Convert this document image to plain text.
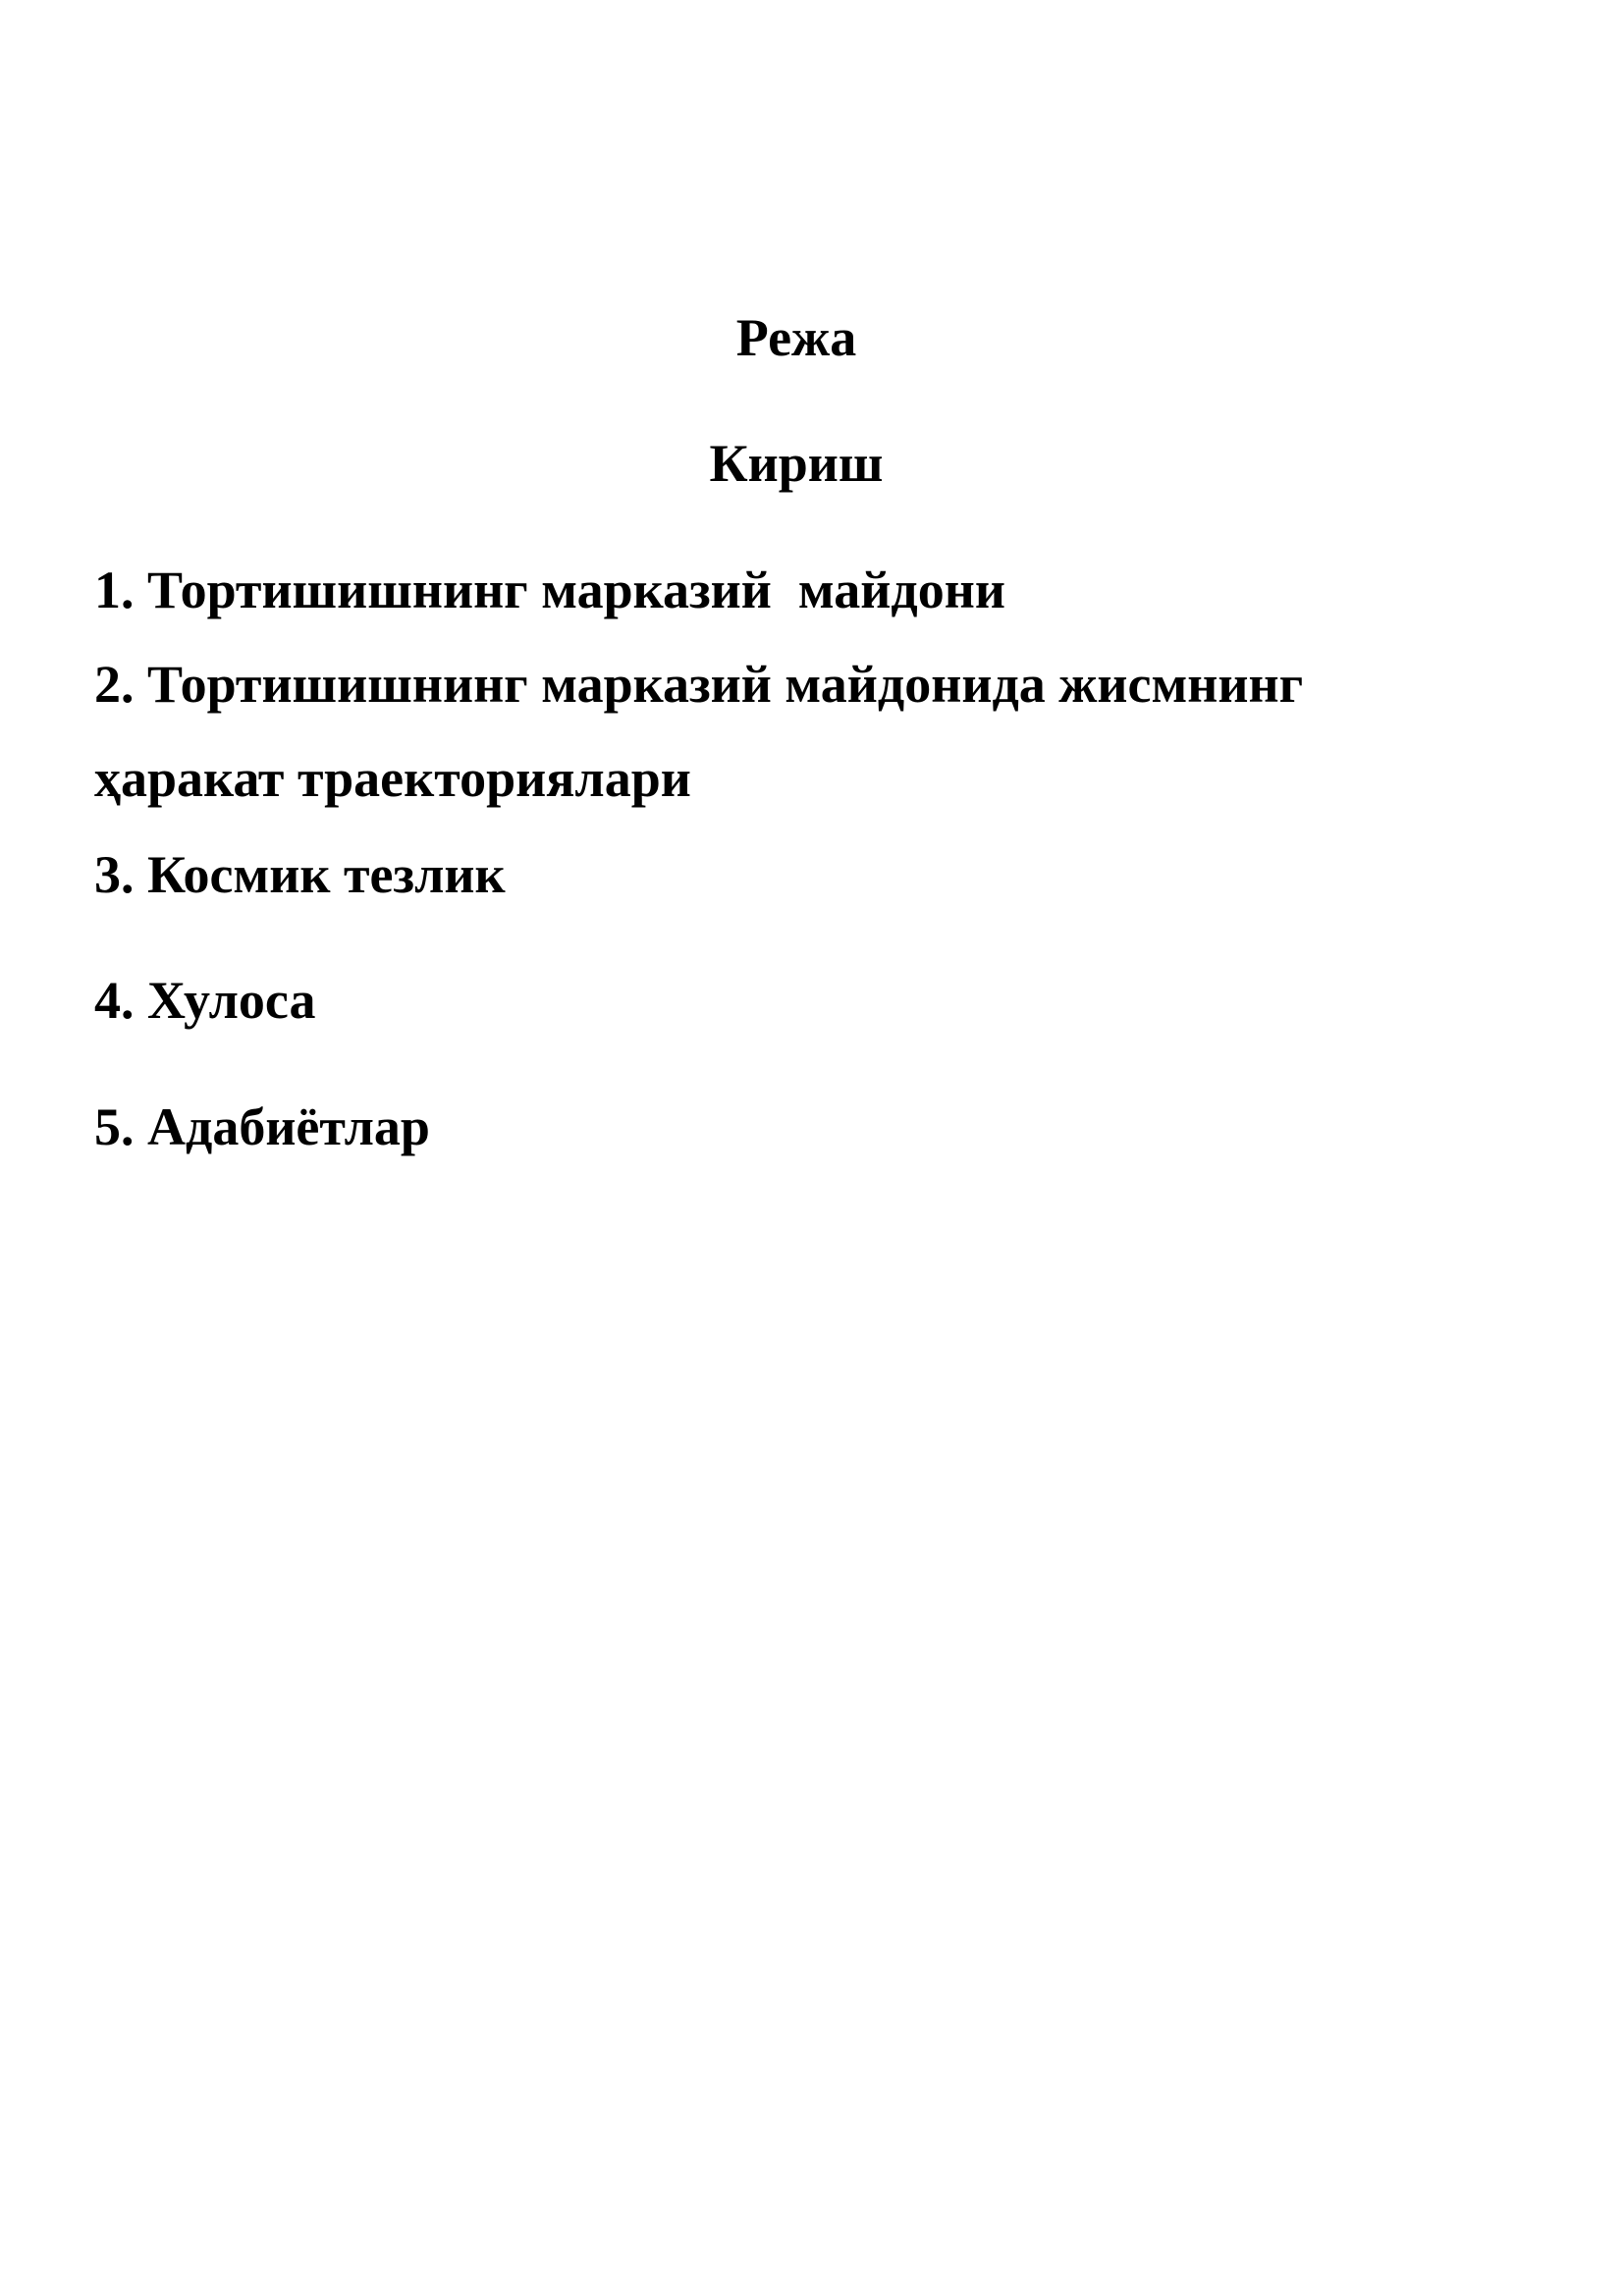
Режа
Кириш

1. Тортишишнинг марказий  майдони

2. Тортишишнинг марказий майдонида жисмнинг

ҳаракат траекториялари

3. Космик тезлик

4. Хулоса

5. Адабиётлар
